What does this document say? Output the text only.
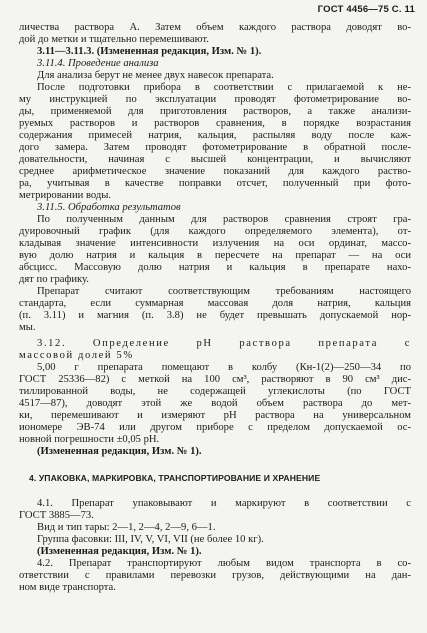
ГОСТ 4456—75 С. 11
личества раствора А. Затем объем каждого раствора доводят во-
дой до метки и тщательно перемешивают.
3.11—3.11.3. (Измененная редакция, Изм. № 1).
3.11.4. Проведение анализа
Для анализа берут не менее двух навесок препарата.
После подготовки прибора в соответствии с прилагаемой к не-
му инструкцией по эксплуатации проводят фотометрирование во-
ды, применяемой для приготовления растворов, а также анализи-
руемых растворов и растворов сравнения, в порядке возрастания
содержания примесей натрия, кальция, распыляя воду после каж-
дого замера. Затем проводят фотометрирование в обратной после-
довательности, начиная с высшей концентрации, и вычисляют
среднее арифметическое значение показаний для каждого раство-
ра, учитывая в качестве поправки отсчет, полученный при фото-
метрировании воды.
3.11.5. Обработка результатов
По полученным данным для растворов сравнения строят гра-
дуировочный график (для каждого определяемого элемента), от-
кладывая значение интенсивности излучения на оси ординат, массо-
вую долю натрия и кальция в пересчете на препарат — на оси
абсцисс. Массовую долю натрия и кальция в препарате нахо-
дят по графику.
Препарат считают соответствующим требованиям настоящего
стандарта, если суммарная массовая доля натрия, кальция
(п. 3.11) и магния (п. 3.8) не будет превышать допускаемой нор-
мы.
3.12. Определение pH раствора препарата с
массовой долей 5%
5,00 г препарата помещают в колбу (Кн-1(2)—250—34 по
ГОСТ 25336—82) с меткой на 100 см³, растворяют в 90 см³ дис-
тиллированной воды, не содержащей углекислоты (по ГОСТ
4517—87), доводят этой же водой объем раствора до мет-
ки, перемешивают и измеряют pH раствора на универсальном
иономере ЭВ-74 или другом приборе с пределом допускаемой ос-
новной погрешности ±0,05 pH.
(Измененная редакция, Изм. № 1).
4. УПАКОВКА, МАРКИРОВКА, ТРАНСПОРТИРОВАНИЕ И ХРАНЕНИЕ
4.1. Препарат упаковывают и маркируют в соответствии с
ГОСТ 3885—73.
Вид и тип тары: 2—1, 2—4, 2—9, 6—1.
Группа фасовки: III, IV, V, VI, VII (не более 10 кг).
(Измененная редакция, Изм. № 1).
4.2. Препарат транспортируют любым видом транспорта в со-
ответствии с правилами перевозки грузов, действующими на дан-
ном виде транспорта.
